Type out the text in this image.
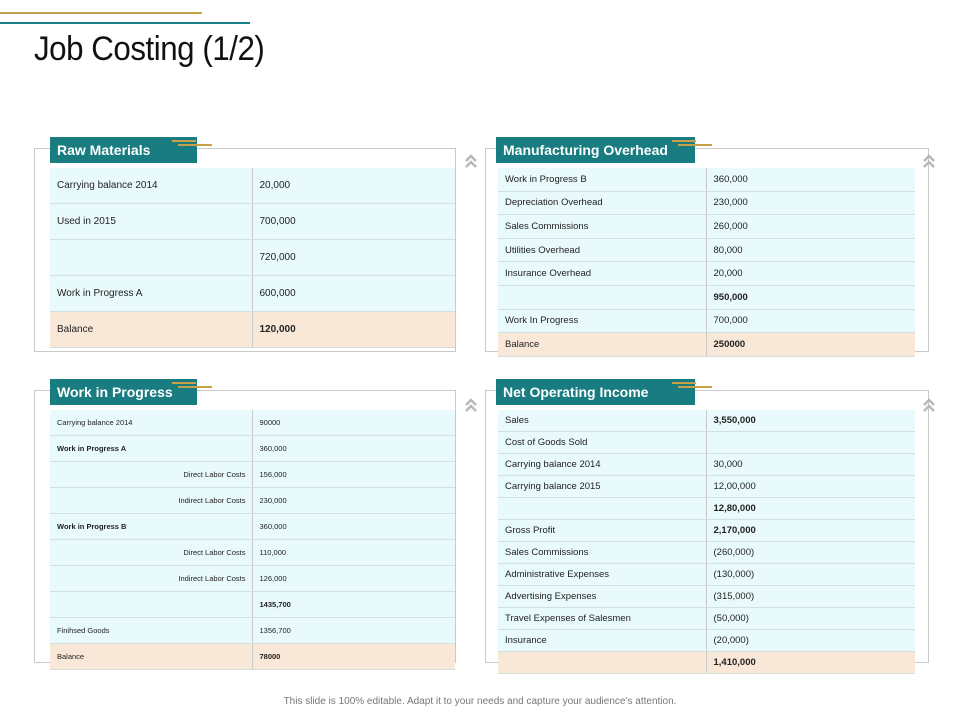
Job Costing (1/2)
Raw Materials
Carrying balance 2014	20,000
Used in 2015	700,000
	720,000
Work in Progress A	600,000
Balance	120,000
Manufacturing Overhead
Work in Progress B	360,000
Depreciation Overhead	230,000
Sales Commissions	260,000
Utilities Overhead	80,000
Insurance Overhead	20,000
	950,000
Work In Progress	700,000
Balance	250000
Work in Progress
Carrying balance 2014	90000
Work in Progress A	360,000
Direct Labor Costs	156,000
Indirect Labor Costs	230,000
Work in Progress B	360,000
Direct Labor Costs	110,000
Indirect Labor Costs	126,000
	1435,700
Finihsed Goods	1356,700
Balance	78000
Net Operating Income
Sales	3,550,000
Cost of Goods Sold	
Carrying balance 2014	30,000
Carrying balance 2015	12,00,000
	12,80,000
Gross Profit	2,170,000
Sales Commissions	(260,000)
Administrative Expenses	(130,000)
Advertising Expenses	(315,000)
Travel Expenses of Salesmen	(50,000)
Insurance	(20,000)
	1,410,000
This slide is 100% editable. Adapt it to your needs and capture your audience’s attention.
